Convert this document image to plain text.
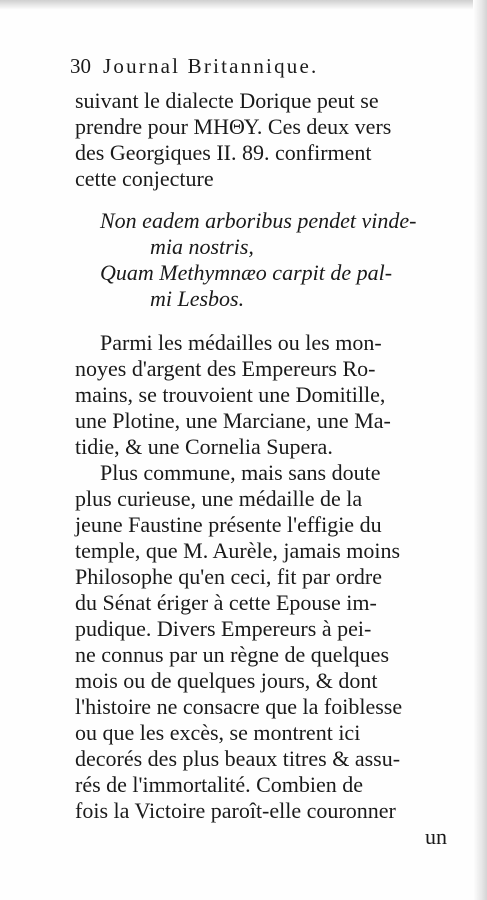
30 Journal Britannique.
suivant le dialecte Dorique peut se
prendre pour ΜΗΘΥ. Ces deux vers
des Georgiques II. 89. confirment
cette conjecture
Non eadem arboribus pendet vinde-
mia nostris,
Quam Methymnæo carpit de pal-
mi Lesbos.
Parmi les médailles ou les mon-
noyes d'argent des Empereurs Ro-
mains, se trouvoient une Domitille,
une Plotine, une Marciane, une Ma-
tidie, & une Cornelia Supera.
Plus commune, mais sans doute
plus curieuse, une médaille de la
jeune Faustine présente l'effigie du
temple, que M. Aurèle, jamais moins
Philosophe qu'en ceci, fit par ordre
du Sénat ériger à cette Epouse im-
pudique. Divers Empereurs à pei-
ne connus par un règne de quelques
mois ou de quelques jours, & dont
l'histoire ne consacre que la foiblesse
ou que les excès, se montrent ici
decorés des plus beaux titres & assu-
rés de l'immortalité. Combien de
fois la Victoire paroît-elle couronner
un
